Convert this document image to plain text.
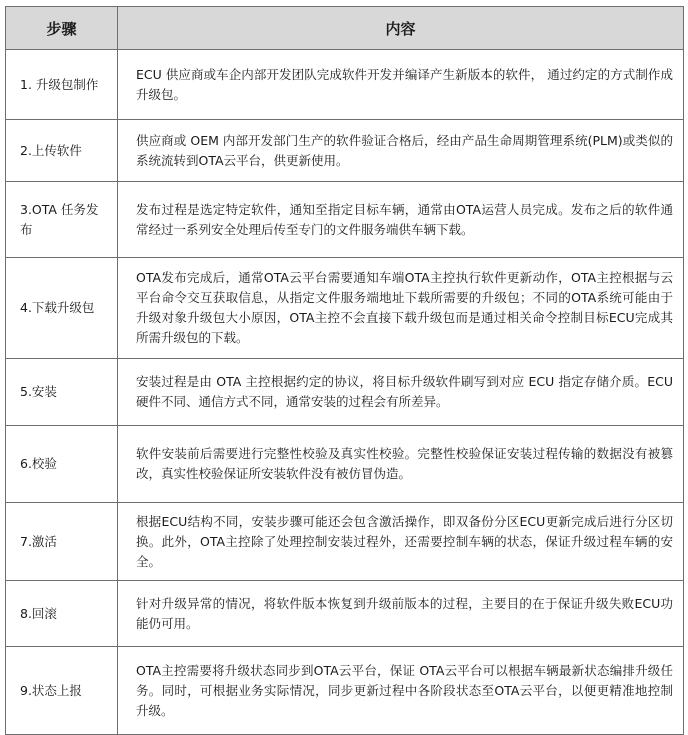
步骤	内容
1. 升级包制作	ECU 供应商或车企内部开发团队完成软件开发并编译产生新版本的软件， 通过约定的方式制作成升级包。
2.上传软件	供应商或 OEM 内部开发部门生产的软件验证合格后，经由产品生命周期管理系统(PLM)或类似的系统流转到OTA云平台，供更新使用。
3.OTA 任务发 布	发布过程是选定特定软件，通知至指定目标车辆，通常由OTA运营人员完成。发布之后的软件通常经过一系列安全处理后传至专门的文件服务端供车辆下载。
4.下载升级包	OTA发布完成后，通常OTA云平台需要通知车端OTA主控执行软件更新动作，OTA主控根据与云平台命令交互获取信息，从指定文件服务端地址下载所需要的升级包；不同的OTA系统可能由于升级对象升级包大小原因，OTA主控不会直接下载升级包而是通过相关命令控制目标ECU完成其所需升级包的下载。
5.安装	安装过程是由 OTA 主控根据约定的协议，将目标升级软件刷写到对应 ECU 指定存储介质。ECU 硬件不同、通信方式不同，通常安装的过程会有所差异。
6.校验	软件安装前后需要进行完整性校验及真实性校验。完整性校验保证安装过程传输的数据没有被篡改，真实性校验保证所安装软件没有被仿冒伪造。
7.激活	根据ECU结构不同，安装步骤可能还会包含激活操作，即双备份分区ECU更新完成后进行分区切换。此外，OTA主控除了处理控制安装过程外，还需要控制车辆的状态，保证升级过程车辆的安全。
8.回滚	针对升级异常的情况，将软件版本恢复到升级前版本的过程，主要目的在于保证升级失败ECU功能仍可用。
9.状态上报	OTA主控需要将升级状态同步到OTA云平台，保证 OTA云平台可以根据车辆最新状态编排升级任务。同时，可根据业务实际情况，同步更新过程中各阶段状态至OTA云平台，以便更精准地控制升级。
